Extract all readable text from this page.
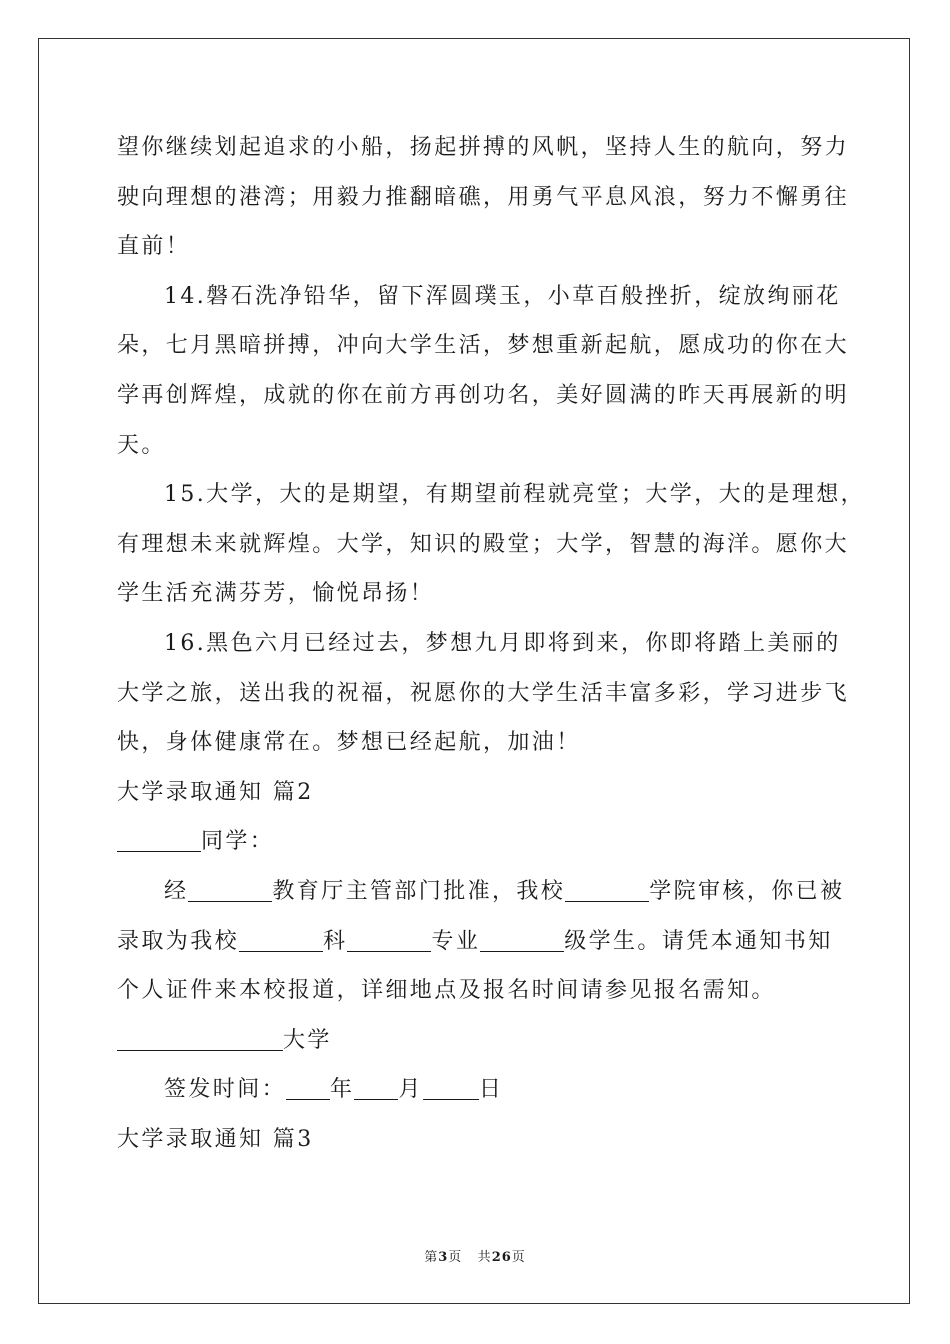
望你继续划起追求的小船，扬起拼搏的风帆，坚持人生的航向，努力
驶向理想的港湾；用毅力推翻暗礁，用勇气平息风浪，努力不懈勇往
直前！
14.磐石洗净铅华，留下浑圆璞玉，小草百般挫折，绽放绚丽花
朵，七月黑暗拼搏，冲向大学生活，梦想重新起航，愿成功的你在大
学再创辉煌，成就的你在前方再创功名，美好圆满的昨天再展新的明
天。
15.大学，大的是期望，有期望前程就亮堂；大学，大的是理想，
有理想未来就辉煌。大学，知识的殿堂；大学，智慧的海洋。愿你大
学生活充满芬芳，愉悦昂扬！
16.黑色六月已经过去，梦想九月即将到来，你即将踏上美丽的
大学之旅，送出我的祝福，祝愿你的大学生活丰富多彩，学习进步飞
快，身体健康常在。梦想已经起航，加油！
大学录取通知 篇2
同学：
经	教育厅主管部门批准，我校	学院审核，你已被
录取为我校	科	专业	级学生。请凭本通知书知
个人证件来本校报道，详细地点及报名时间请参见报名需知。
大学
签发时间： 年 月	日
大学录取通知 篇3
第3页 共26页
